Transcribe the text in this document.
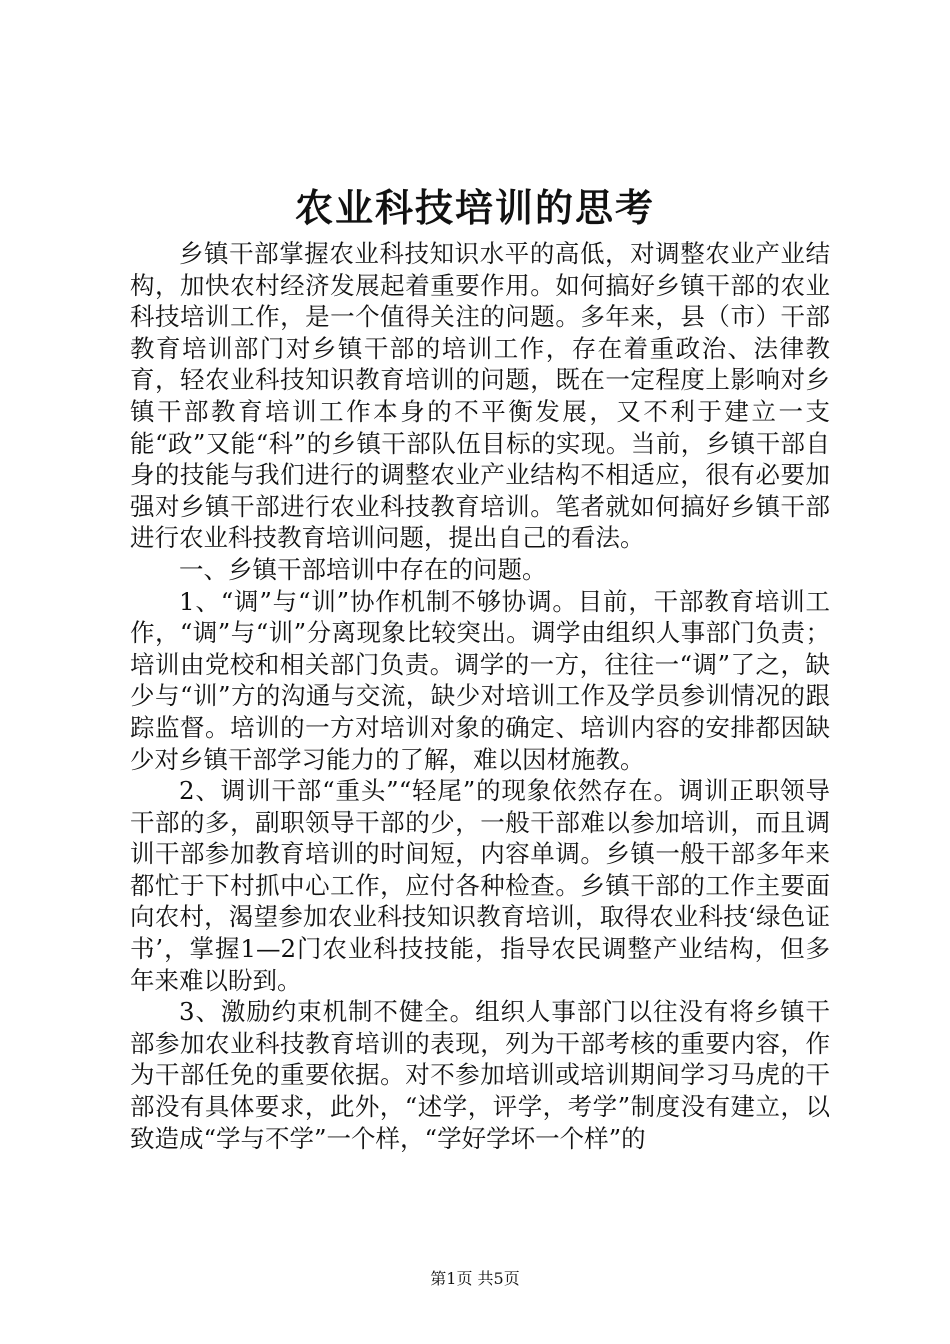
农业科技培训的思考

乡镇干部掌握农业科技知识水平的高低，对调整农业产业结构，加快农村经济发展起着重要作用。如何搞好乡镇干部的农业科技培训工作，是一个值得关注的问题。多年来，县（市）干部教育培训部门对乡镇干部的培训工作，存在着重政治、法律教育，轻农业科技知识教育培训的问题，既在一定程度上影响对乡镇干部教育培训工作本身的不平衡发展，又不利于建立一支能“政”又能“科”的乡镇干部队伍目标的实现。当前，乡镇干部自身的技能与我们进行的调整农业产业结构不相适应，很有必要加强对乡镇干部进行农业科技教育培训。笔者就如何搞好乡镇干部进行农业科技教育培训问题，提出自己的看法。

一、乡镇干部培训中存在的问题。

1、“调”与“训”协作机制不够协调。目前，干部教育培训工作，“调”与“训”分离现象比较突出。调学由组织人事部门负责；培训由党校和相关部门负责。调学的一方，往往一“调”了之，缺少与“训”方的沟通与交流，缺少对培训工作及学员参训情况的跟踪监督。培训的一方对培训对象的确定、培训内容的安排都因缺少对乡镇干部学习能力的了解，难以因材施教。

2、调训干部“重头”“轻尾”的现象依然存在。调训正职领导干部的多，副职领导干部的少，一般干部难以参加培训，而且调训干部参加教育培训的时间短，内容单调。乡镇一般干部多年来都忙于下村抓中心工作，应付各种检查。乡镇干部的工作主要面向农村，渴望参加农业科技知识教育培训，取得农业科技‘绿色证书’，掌握1—2门农业科技技能，指导农民调整产业结构，但多年来难以盼到。

3、激励约束机制不健全。组织人事部门以往没有将乡镇干部参加农业科技教育培训的表现，列为干部考核的重要内容，作为干部任免的重要依据。对不参加培训或培训期间学习马虎的干部没有具体要求，此外，“述学，评学，考学”制度没有建立，以致造成“学与不学”一个样，“学好学坏一个样”的

第1页 共5页
